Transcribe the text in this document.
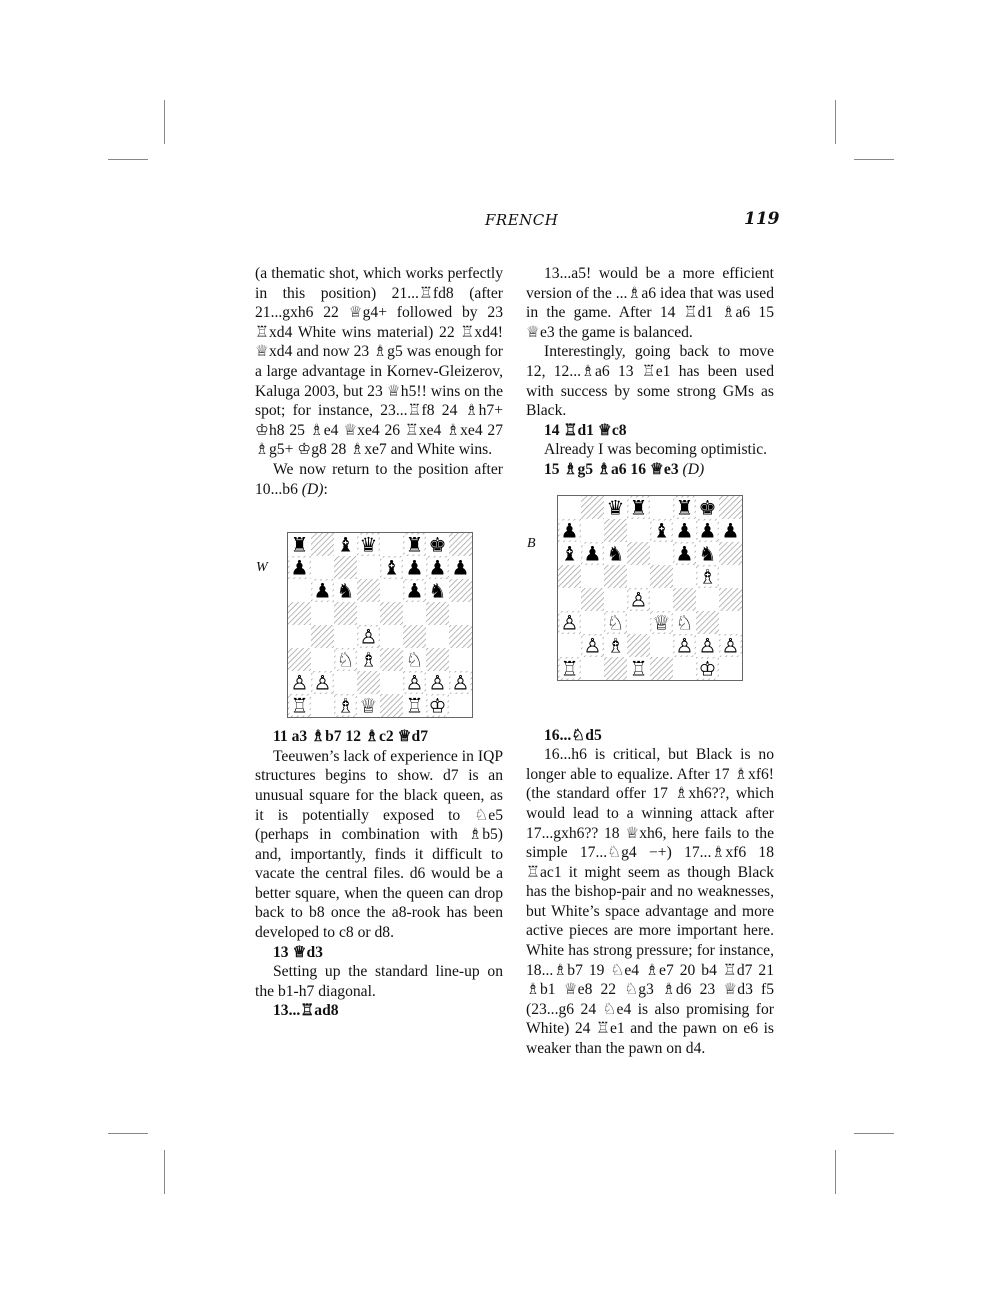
FRENCH	119

(a thematic shot, which works perfectly in this position) 21...♖fd8 (after 21...gxh6 22 ♕g4+ followed by 23 ♖xd4 White wins material) 22 ♖xd4! ♕xd4 and now 23 ♗g5 was enough for a large advantage in Kornev-Gleizerov, Kaluga 2003, but 23 ♕h5!! wins on the spot; for instance, 23...♖f8 24 ♗h7+ ♔h8 25 ♗e4 ♕xe4 26 ♖xe4 ♗xe4 27 ♗g5+ ♔g8 28 ♗xe7 and White wins.

We now return to the position after 10...b6 (D):

W
♜ ♝ ♛ ♜ ♚
♟	♝ ♟ ♟ ♟
♟ ♞	♟ ♞
♙
♘ ♗ ♘
♙ ♙	♙ ♙ ♙
♖ ♗ ♕ ♖ ♔

11 a3 ♗b7 12 ♗c2 ♕d7

Teeuwen’s lack of experience in IQP structures begins to show. d7 is an unusual square for the black queen, as it is potentially exposed to ♘e5 (perhaps in combination with ♗b5) and, importantly, finds it difficult to vacate the central files. d6 would be a better square, when the queen can drop back to b8 once the a8-rook has been developed to c8 or d8.

13 ♕d3

Setting up the standard line-up on the b1-h7 diagonal.

13...♖ad8

13...a5! would be a more efficient version of the ...♗a6 idea that was used in the game. After 14 ♖d1 ♗a6 15 ♕e3 the game is balanced.

Interestingly, going back to move 12, 12...♗a6 13 ♖e1 has been used with success by some strong GMs as Black.

14 ♖d1 ♕c8

Already I was becoming optimistic.

15 ♗g5 ♗a6 16 ♕e3 (D)

B
♛ ♜ ♜ ♚
♟	♝ ♟ ♟ ♟
♝ ♟ ♞	♟ ♞
♗
♙
♙ ♘ ♕ ♘
♙ ♗	♙ ♙ ♙
♖	♖	♔

16...♘d5

16...h6 is critical, but Black is no longer able to equalize. After 17 ♗xf6! (the standard offer 17 ♗xh6??, which would lead to a winning attack after 17...gxh6?? 18 ♕xh6, here fails to the simple 17...♘g4 −+) 17...♗xf6 18 ♖ac1 it might seem as though Black has the bishop-pair and no weaknesses, but White’s space advantage and more active pieces are more important here. White has strong pressure; for instance, 18...♗b7 19 ♘e4 ♗e7 20 b4 ♖d7 21 ♗b1 ♕e8 22 ♘g3 ♗d6 23 ♕d3 f5 (23...g6 24 ♘e4 is also promising for White) 24 ♖e1 and the pawn on e6 is weaker than the pawn on d4.
